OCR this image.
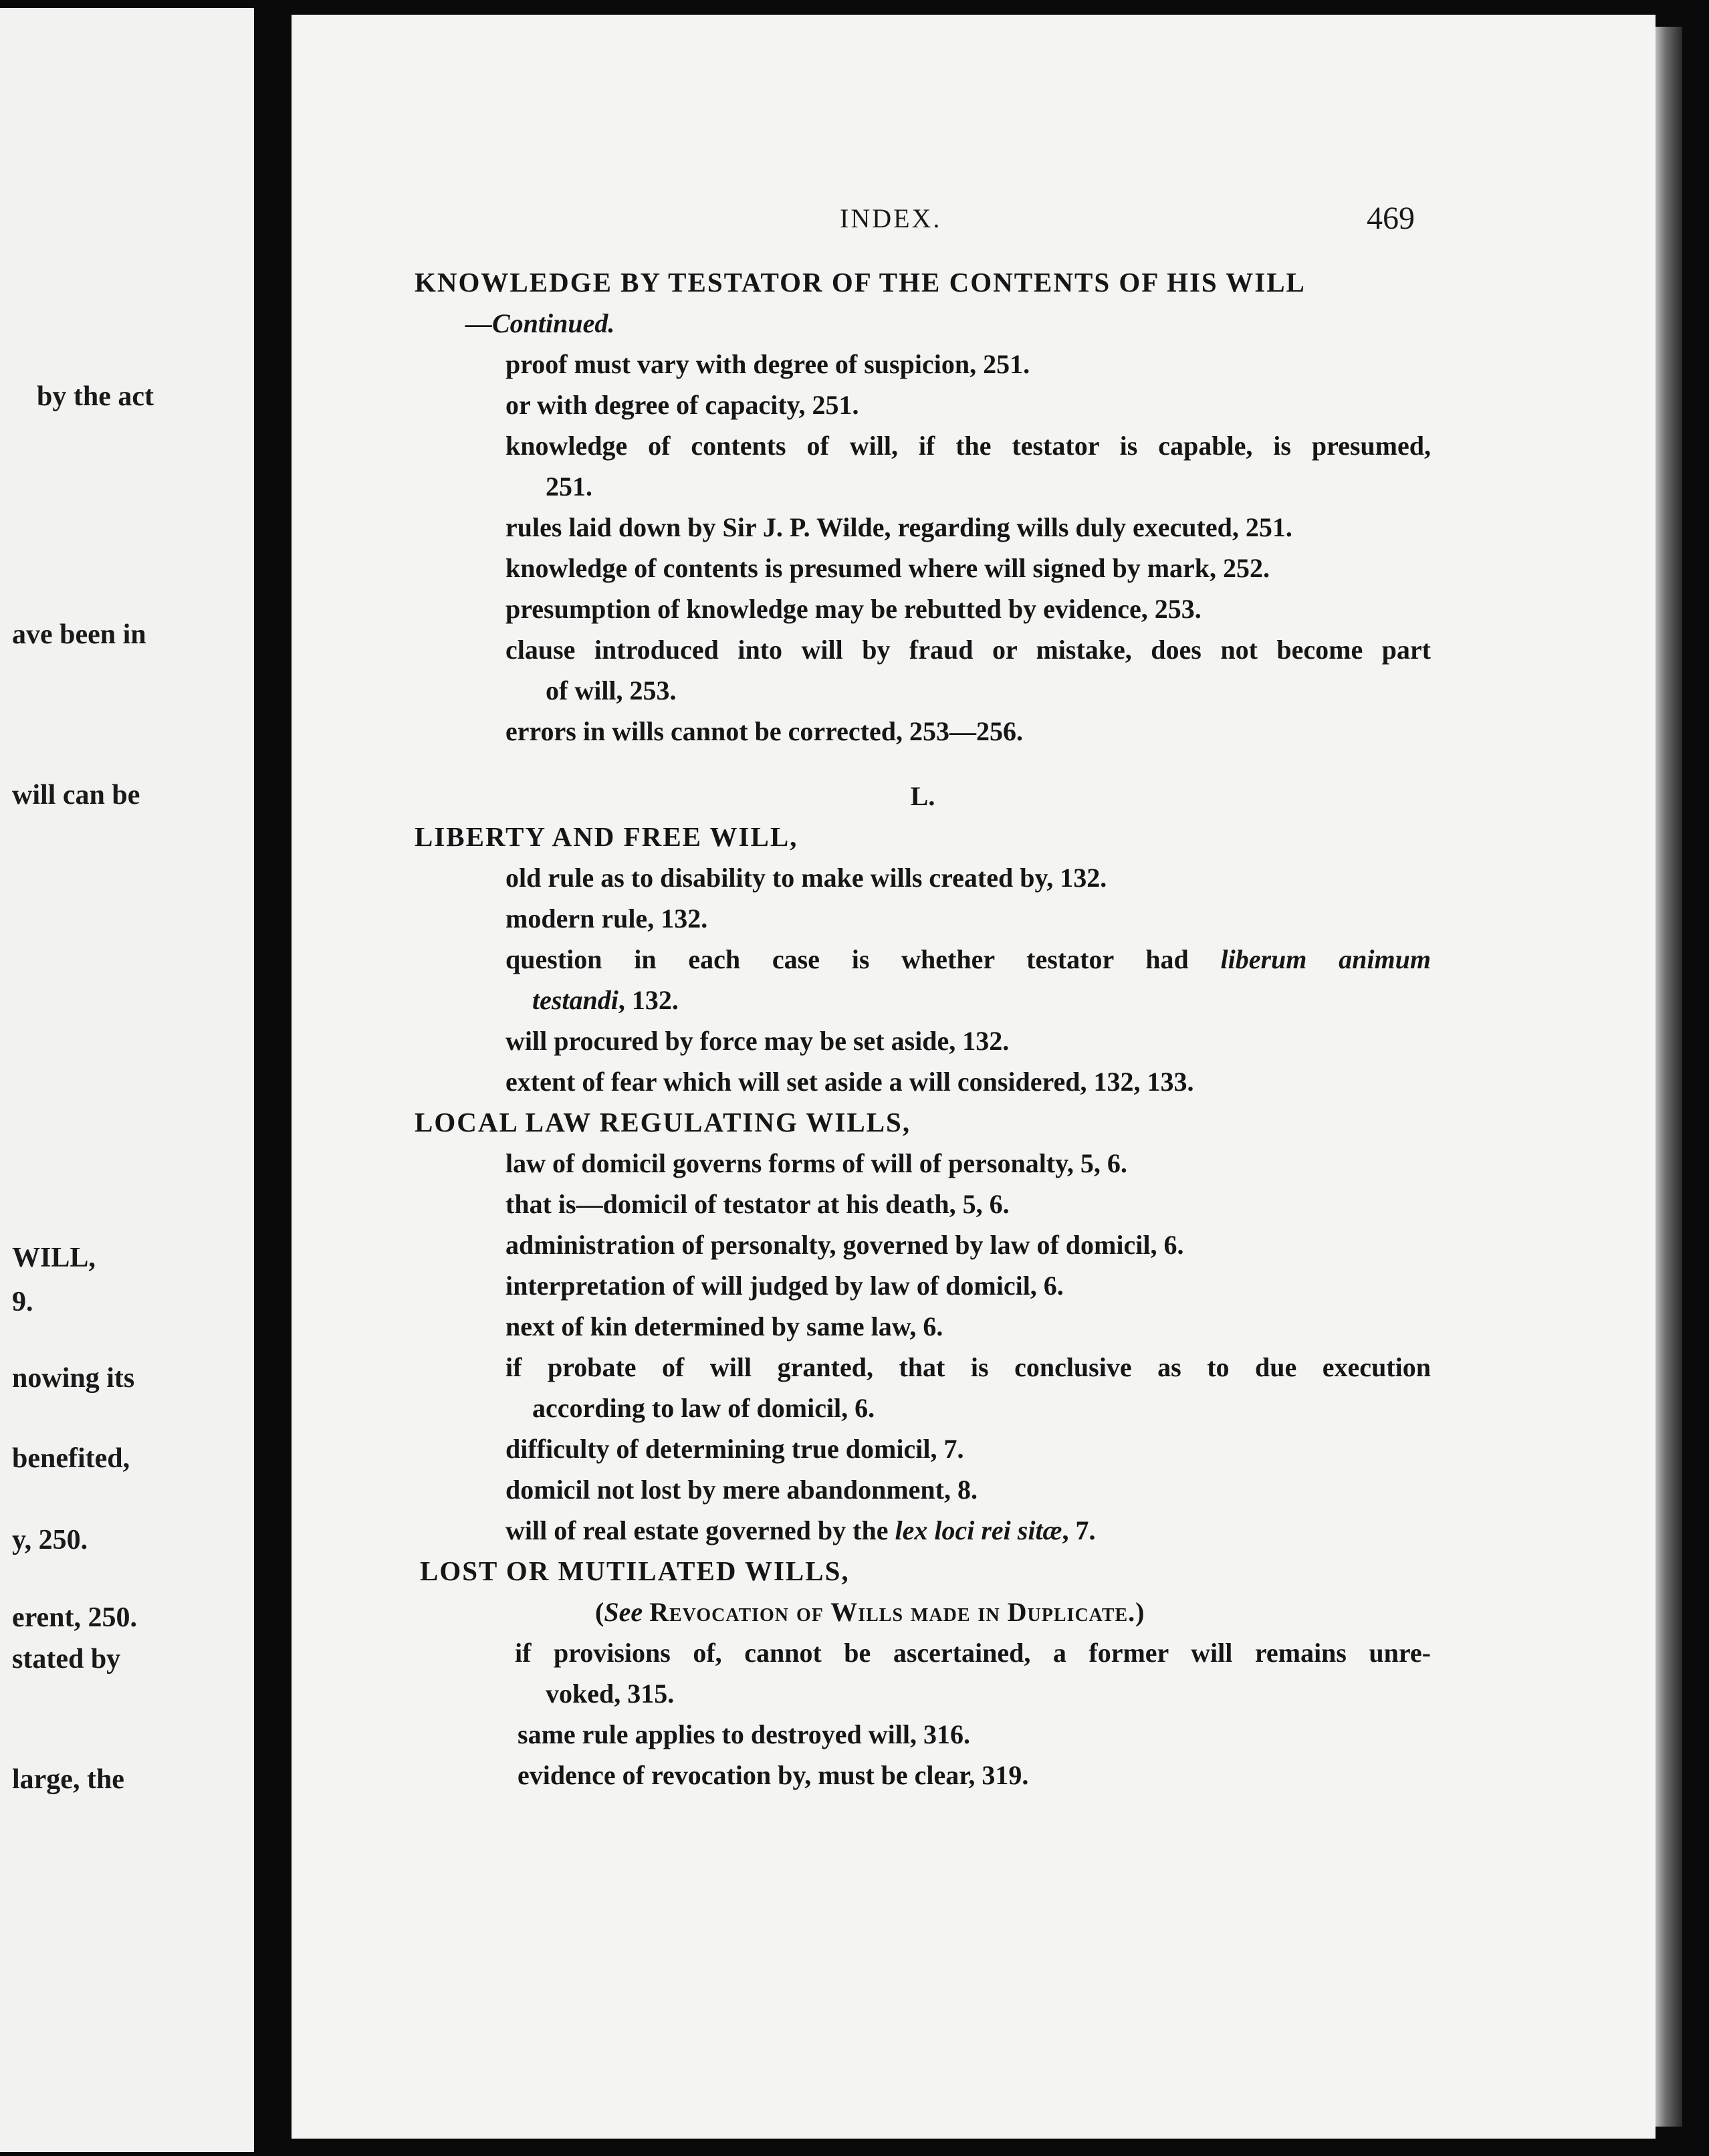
by the act
ave been in
will can be
WILL,
9.
nowing its
benefited,
y, 250.
erent, 250.
stated by
large, the
INDEX.	469
KNOWLEDGE BY TESTATOR OF THE CONTENTS OF HIS WILL
—Continued.
proof must vary with degree of suspicion, 251.
or with degree of capacity, 251.
knowledge of contents of will, if the testator is capable, is presumed,
251.
rules laid down by Sir J. P. Wilde, regarding wills duly executed, 251.
knowledge of contents is presumed where will signed by mark, 252.
presumption of knowledge may be rebutted by evidence, 253.
clause introduced into will by fraud or mistake, does not become part
of will, 253.
errors in wills cannot be corrected, 253—256.
L.
LIBERTY AND FREE WILL,
old rule as to disability to make wills created by, 132.
modern rule, 132.
question in each case is whether testator had liberum animum
testandi, 132.
will procured by force may be set aside, 132.
extent of fear which will set aside a will considered, 132, 133.
LOCAL LAW REGULATING WILLS,
law of domicil governs forms of will of personalty, 5, 6.
that is—domicil of testator at his death, 5, 6.
administration of personalty, governed by law of domicil, 6.
interpretation of will judged by law of domicil, 6.
next of kin determined by same law, 6.
if probate of will granted, that is conclusive as to due execution
according to law of domicil, 6.
difficulty of determining true domicil, 7.
domicil not lost by mere abandonment, 8.
will of real estate governed by the lex loci rei sitæ, 7.
LOST OR MUTILATED WILLS,
(See Revocation of Wills made in Duplicate.)
if provisions of, cannot be ascertained, a former will remains unre-
voked, 315.
same rule applies to destroyed will, 316.
evidence of revocation by, must be clear, 319.
